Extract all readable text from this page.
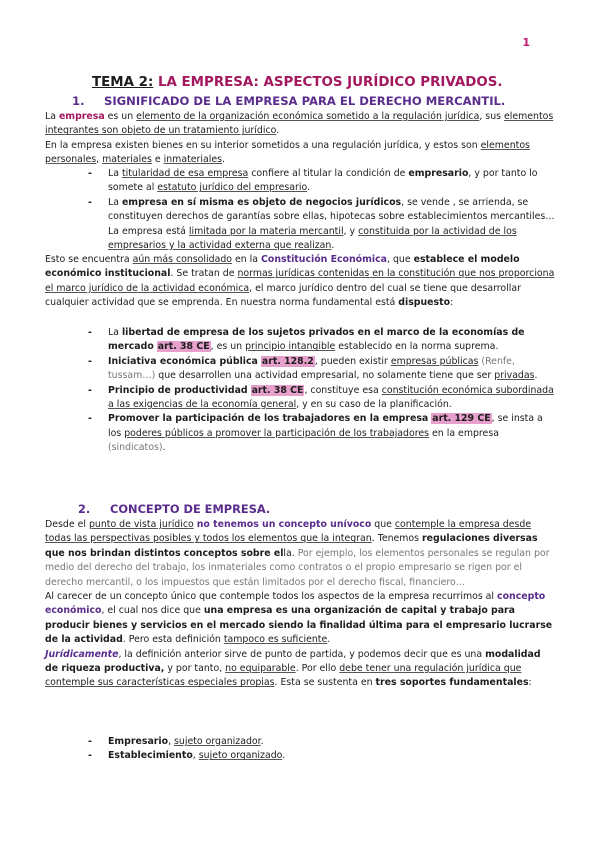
1
TEMA 2: LA EMPRESA: ASPECTOS JURÍDICO PRIVADOS.
1. SIGNIFICADO DE LA EMPRESA PARA EL DERECHO MERCANTIL.
La empresa es un elemento de la organización económica sometido a la regulación jurídica, sus elementos integrantes son objeto de un tratamiento jurídico.
En la empresa existen bienes en su interior sometidos a una regulación jurídica, y estos son elementos personales, materiales e inmateriales.
- La titularidad de esa empresa confiere al titular la condición de empresario, y por tanto lo somete al estatuto jurídico del empresario.
- La empresa en sí misma es objeto de negocios jurídicos, se vende , se arrienda, se constituyen derechos de garantías sobre ellas, hipotecas sobre establecimientos mercantiles… La empresa está limitada por la materia mercantil, y constituida por la actividad de los empresarios y la actividad externa que realizan.
Esto se encuentra aún más consolidado en la Constitución Económica, que establece el modelo económico institucional. Se tratan de normas jurídicas contenidas en la constitución que nos proporciona el marco jurídico de la actividad económica, el marco jurídico dentro del cual se tiene que desarrollar cualquier actividad que se emprenda. En nuestra norma fundamental está dispuesto:
- La libertad de empresa de los sujetos privados en el marco de la economías de mercado art. 38 CE, es un principio intangible establecido en la norma suprema.
- Iniciativa económica pública art. 128.2, pueden existir empresas públicas (Renfe, tussam…) que desarrollen una actividad empresarial, no solamente tiene que ser privadas.
- Principio de productividad art. 38 CE, constituye esa constitución económica subordinada a las exigencias de la economía general, y en su caso de la planificación.
- Promover la participación de los trabajadores en la empresa art. 129 CE, se insta a los poderes públicos a promover la participación de los trabajadores en la empresa (sindicatos).
2. CONCEPTO DE EMPRESA.
Desde el punto de vista jurídico no tenemos un concepto unívoco que contemple la empresa desde todas las perspectivas posibles y todos los elementos que la integran. Tenemos regulaciones diversas que nos brindan distintos conceptos sobre ella. Por ejemplo, los elementos personales se regulan por medio del derecho del trabajo, los inmateriales como contratos o el propio empresario se rigen por el derecho mercantil, o los impuestos que están limitados por el derecho fiscal, financiero…
Al carecer de un concepto único que contemple todos los aspectos de la empresa recurrimos al concepto económico, el cual nos dice que una empresa es una organización de capital y trabajo para producir bienes y servicios en el mercado siendo la finalidad última para el empresario lucrarse de la actividad. Pero esta definición tampoco es suficiente.
Jurídicamente, la definición anterior sirve de punto de partida, y podemos decir que es una modalidad de riqueza productiva, y por tanto, no equiparable. Por ello debe tener una regulación jurídica que contemple sus características especiales propias. Esta se sustenta en tres soportes fundamentales:
- Empresario, sujeto organizador.
- Establecimiento, sujeto organizado.
